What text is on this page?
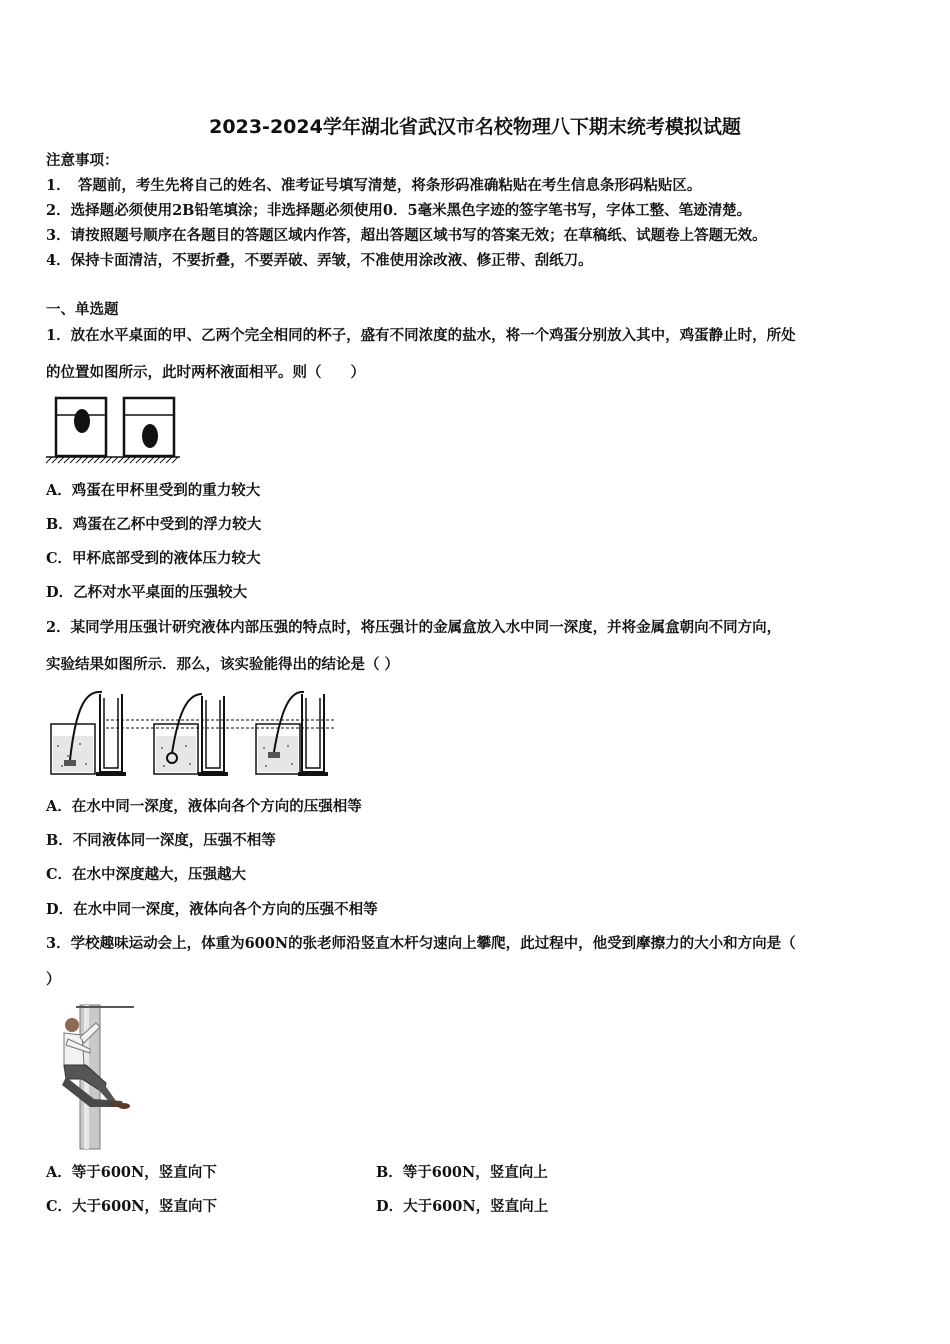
2023-2024学年湖北省武汉市名校物理八下期末统考模拟试题
注意事项：
1．　答题前，考生先将自己的姓名、准考证号填写清楚，将条形码准确粘贴在考生信息条形码粘贴区。
2．选择题必须使用2B铅笔填涂；非选择题必须使用0．5毫米黑色字迹的签字笔书写，字体工整、笔迹清楚。
3．请按照题号顺序在各题目的答题区域内作答，超出答题区域书写的答案无效；在草稿纸、试题卷上答题无效。
4．保持卡面清洁，不要折叠，不要弄破、弄皱，不准使用涂改液、修正带、刮纸刀。
一、单选题
1．放在水平桌面的甲、乙两个完全相同的杯子，盛有不同浓度的盐水，将一个鸡蛋分别放入其中，鸡蛋静止时，所处
的位置如图所示，此时两杯液面相平。则（　　）
A．鸡蛋在甲杯里受到的重力较大
B．鸡蛋在乙杯中受到的浮力较大
C．甲杯底部受到的液体压力较大
D．乙杯对水平桌面的压强较大
2．某同学用压强计研究液体内部压强的特点时，将压强计的金属盒放入水中同一深度，并将金属盒朝向不同方向，
实验结果如图所示．那么，该实验能得出的结论是（ ）
A．在水中同一深度，液体向各个方向的压强相等
B．不同液体同一深度，压强不相等
C．在水中深度越大，压强越大
D．在水中同一深度，液体向各个方向的压强不相等
3．学校趣味运动会上，体重为600N的张老师沿竖直木杆匀速向上攀爬，此过程中，他受到摩擦力的大小和方向是（
）
A．等于600N，竖直向下	B．等于600N，竖直向上
C．大于600N，竖直向下	D．大于600N，竖直向上
